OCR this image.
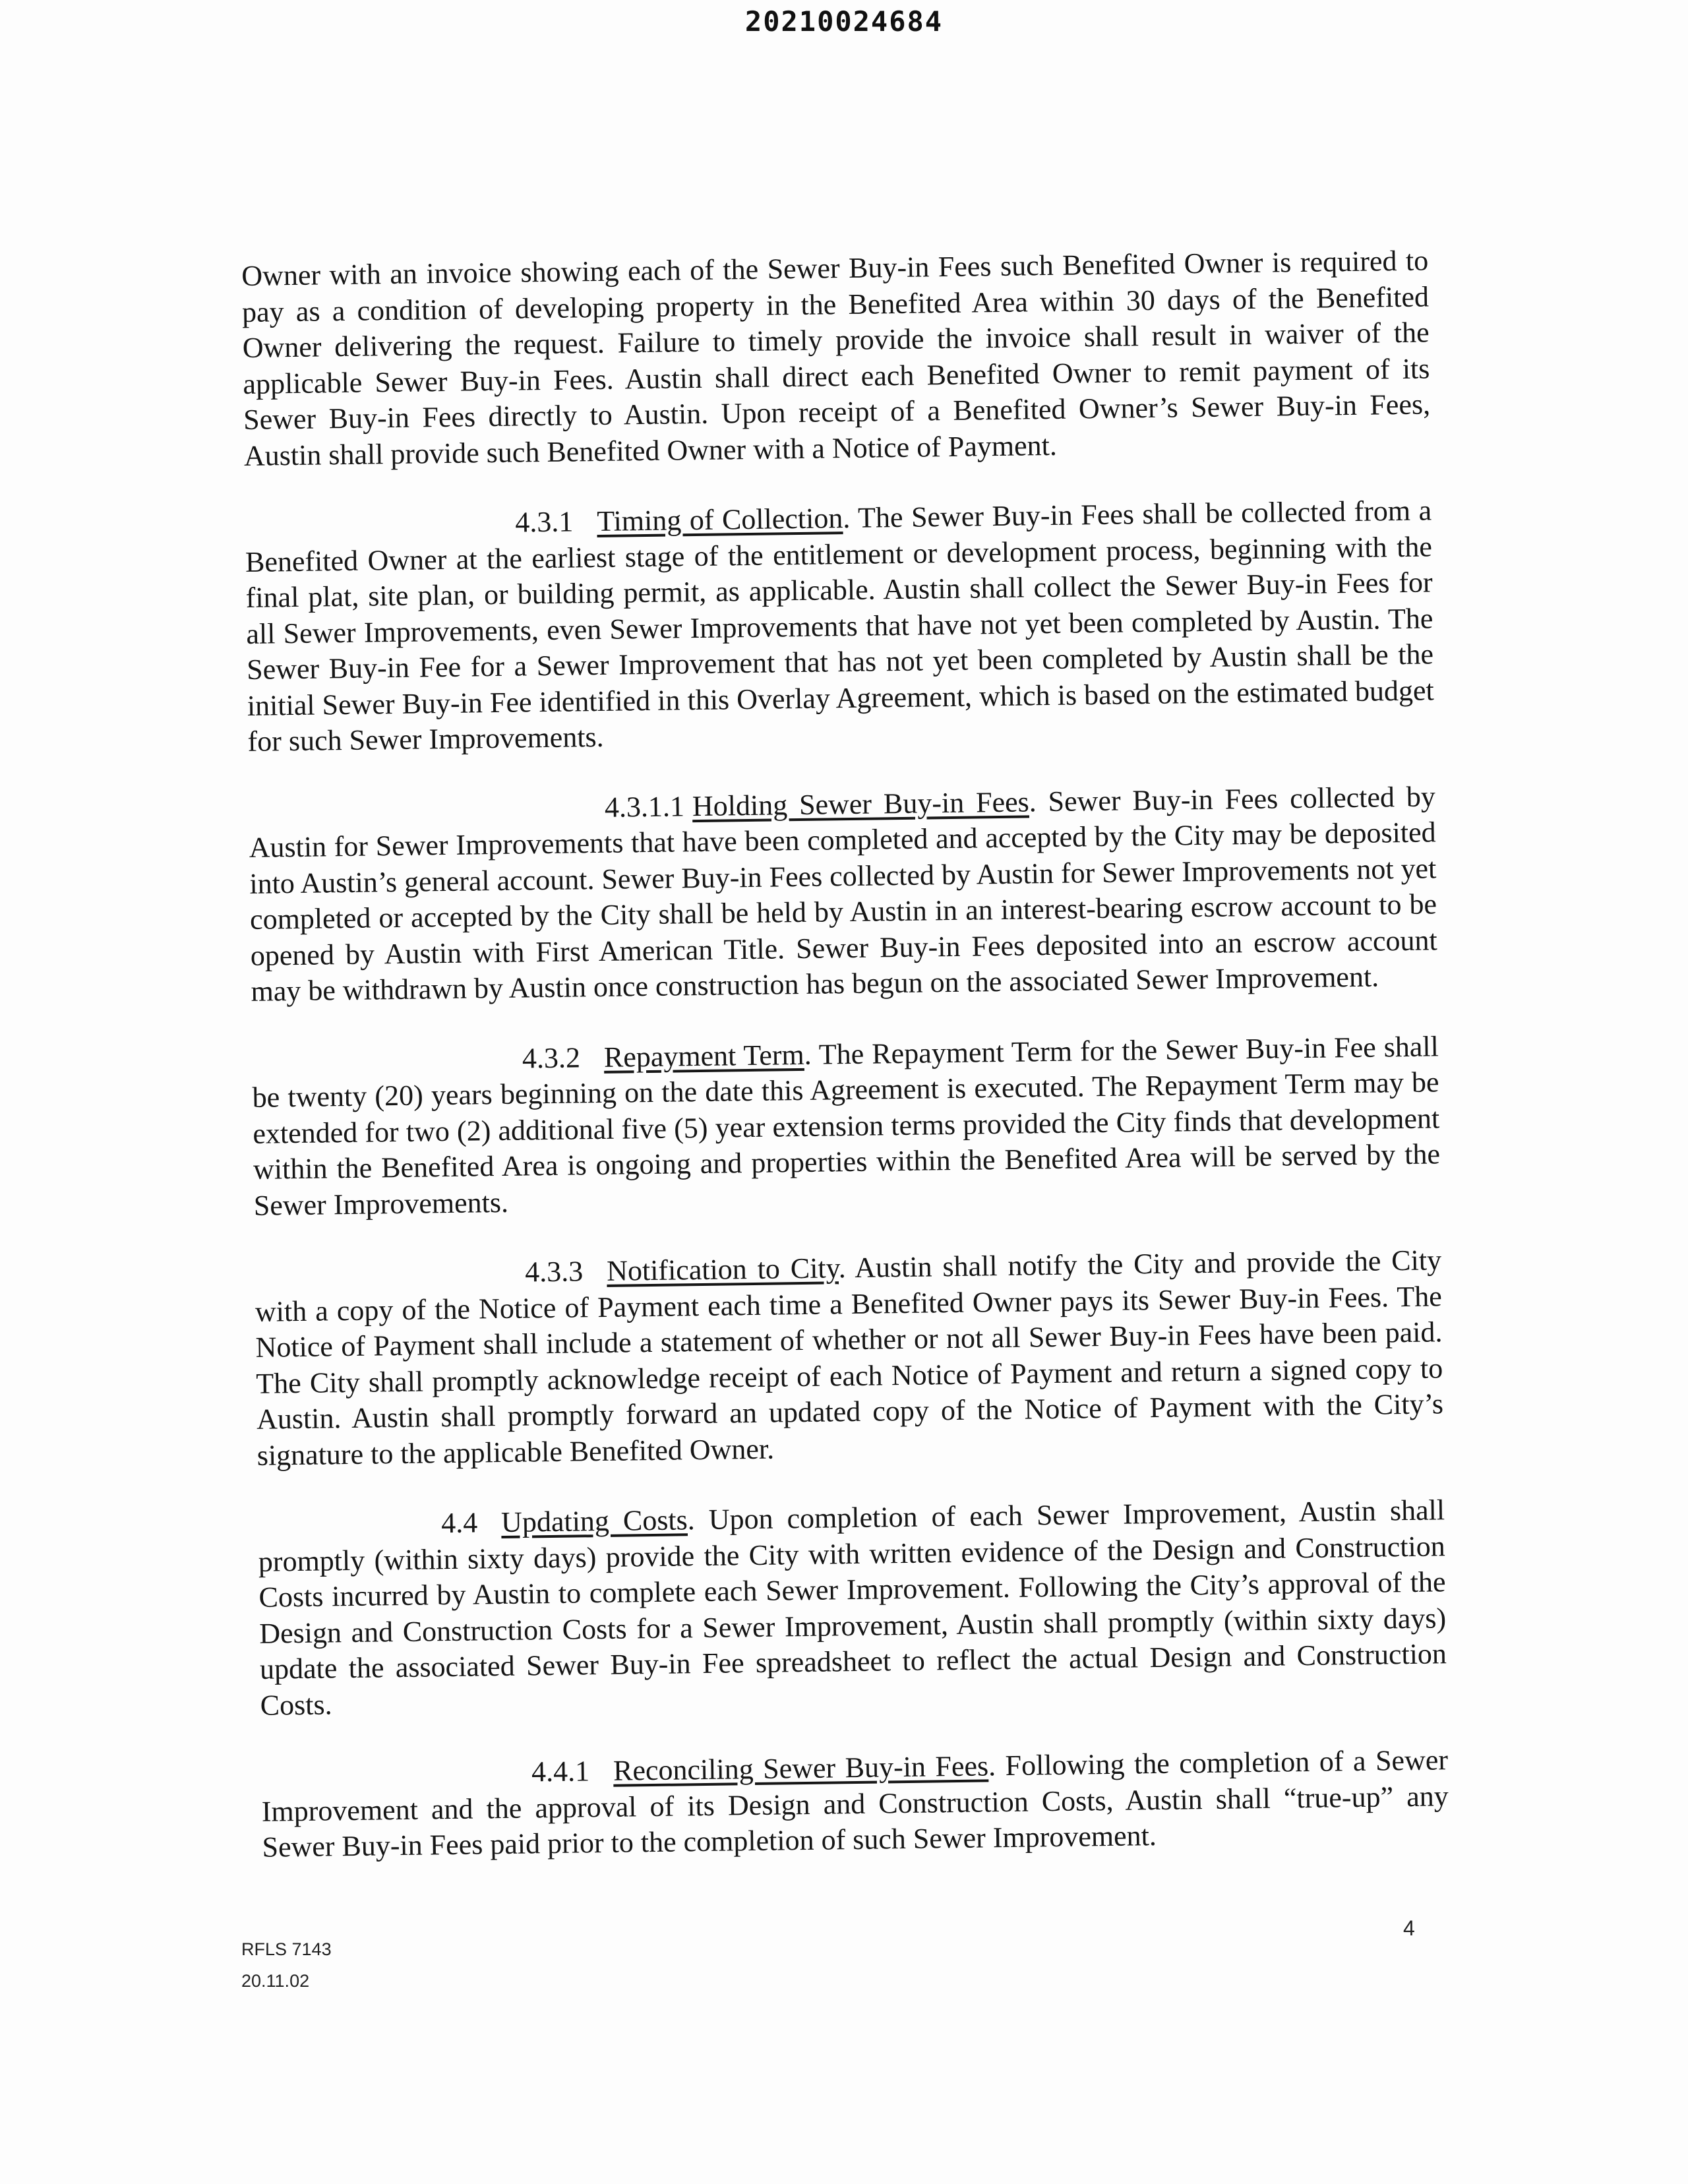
20210024684

Owner with an invoice showing each of the Sewer Buy-in Fees such Benefited Owner is required to pay as a condition of developing property in the Benefited Area within 30 days of the Benefited Owner delivering the request. Failure to timely provide the invoice shall result in waiver of the applicable Sewer Buy-in Fees. Austin shall direct each Benefited Owner to remit payment of its Sewer Buy-in Fees directly to Austin. Upon receipt of a Benefited Owner’s Sewer Buy-in Fees, Austin shall provide such Benefited Owner with a Notice of Payment.

4.3.1 Timing of Collection. The Sewer Buy-in Fees shall be collected from a Benefited Owner at the earliest stage of the entitlement or development process, beginning with the final plat, site plan, or building permit, as applicable. Austin shall collect the Sewer Buy-in Fees for all Sewer Improvements, even Sewer Improvements that have not yet been completed by Austin. The Sewer Buy-in Fee for a Sewer Improvement that has not yet been completed by Austin shall be the initial Sewer Buy-in Fee identified in this Overlay Agreement, which is based on the estimated budget for such Sewer Improvements.

4.3.1.1 Holding Sewer Buy-in Fees. Sewer Buy-in Fees collected by Austin for Sewer Improvements that have been completed and accepted by the City may be deposited into Austin’s general account. Sewer Buy-in Fees collected by Austin for Sewer Improvements not yet completed or accepted by the City shall be held by Austin in an interest-bearing escrow account to be opened by Austin with First American Title. Sewer Buy-in Fees deposited into an escrow account may be withdrawn by Austin once construction has begun on the associated Sewer Improvement.

4.3.2 Repayment Term. The Repayment Term for the Sewer Buy-in Fee shall be twenty (20) years beginning on the date this Agreement is executed. The Repayment Term may be extended for two (2) additional five (5) year extension terms provided the City finds that development within the Benefited Area is ongoing and properties within the Benefited Area will be served by the Sewer Improvements.

4.3.3 Notification to City. Austin shall notify the City and provide the City with a copy of the Notice of Payment each time a Benefited Owner pays its Sewer Buy-in Fees. The Notice of Payment shall include a statement of whether or not all Sewer Buy-in Fees have been paid. The City shall promptly acknowledge receipt of each Notice of Payment and return a signed copy to Austin. Austin shall promptly forward an updated copy of the Notice of Payment with the City’s signature to the applicable Benefited Owner.

4.4 Updating Costs. Upon completion of each Sewer Improvement, Austin shall promptly (within sixty days) provide the City with written evidence of the Design and Construction Costs incurred by Austin to complete each Sewer Improvement. Following the City’s approval of the Design and Construction Costs for a Sewer Improvement, Austin shall promptly (within sixty days) update the associated Sewer Buy-in Fee spreadsheet to reflect the actual Design and Construction Costs.

4.4.1 Reconciling Sewer Buy-in Fees. Following the completion of a Sewer Improvement and the approval of its Design and Construction Costs, Austin shall “true-up” any Sewer Buy-in Fees paid prior to the completion of such Sewer Improvement.

RFLS 7143
20.11.02
4
